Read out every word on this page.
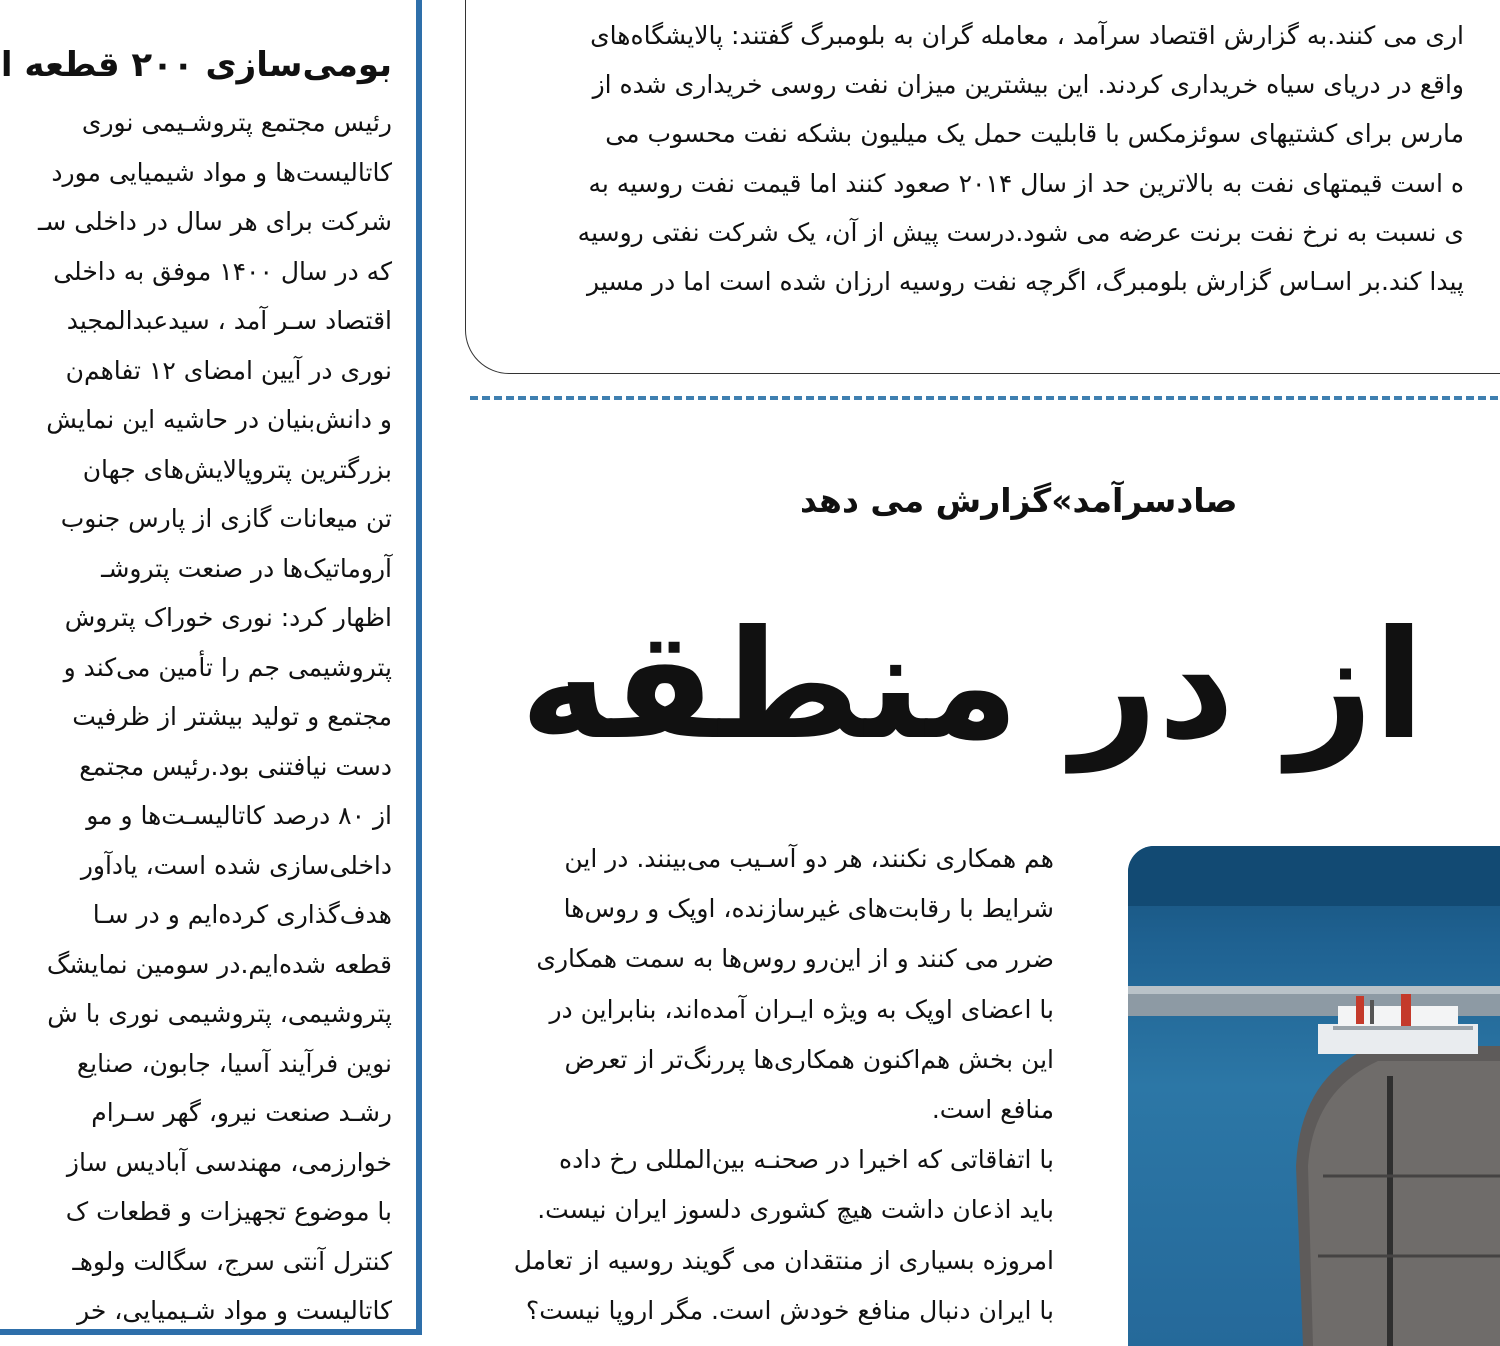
بومی‌سازی ۲۰۰ قطعه ا
رئیس مجتمع پتروشـیمی نوری
کاتالیست‌ها و مواد شیمیایی مورد
شرکت برای هر سال در داخلی سـ
که در سال ۱۴۰۰ موفق به داخلی
اقتصاد سـر آمد ، سیدعبدالمجید
نوری در آیین امضای ۱۲ تفاهم‌ن
و دانش‌بنیان در حاشیه این نمایش
بزرگترین پتروپالایش‌های جهان
تن میعانات گازی از پارس جنوب
آروماتیک‌ها در صنعت پتروشـ
اظهار کرد: نوری خوراک پتروش
پتروشیمی جم را تأمین می‌کند و
مجتمع و تولید بیشتر از ظرفیت
دست نیافتنی بود.رئیس مجتمع
از ۸۰ درصد کاتالیسـت‌ها و مو
داخلی‌سازی شده است، یادآور
هدف‌گذاری کرده‌ایم و در سـا
قطعه شده‌ایم.در سومین نمایشگ
پتروشیمی، پتروشیمی نوری با ش
نوین فرآیند آسیا، جابون، صنایع
رشـد صنعت نیرو، گهر سـرام
خوارزمی، مهندسی آبادیس ساز
با موضوع تجهیزات و قطعات ک
کنترل آنتی سرج، سگالت ولوهـ
کاتالیست و مواد شـیمیایی، خر
اری می کنند.به گزارش اقتصاد سرآمد ، معامله گران به بلومبرگ گفتند: پالایشگاه‌های
واقع در دریای سیاه خریداری کردند. این بیشترین میزان نفت روسی خریداری شده از
مارس برای کشتیهای سوئزمکس با قابلیت حمل یک میلیون بشکه نفت محسوب می
ه است قیمتهای نفت به بالاترین حد از سال ۲۰۱۴ صعود کنند اما قیمت نفت روسیه به
ی نسبت به نرخ نفت برنت عرضه می شود.درست پیش از آن، یک شرکت نفتی روسیه
پیدا کند.بر اسـاس گزارش بلومبرگ، اگرچه نفت روسیه ارزان شده است اما در مسیر
صادسرآمد»گزارش می دهد
از در منطقه
هم همکاری نکنند، هر دو آسـیب می‌بینند. در این
شرایط با رقابت‌های غیرسازنده، اوپک و روس‌ها
ضرر می کنند و از این‌رو روس‌ها به سمت همکاری
با اعضای اوپک به ویژه ایـران آمده‌اند، بنابراین در
این بخش هم‌اکنون همکاری‌ها پررنگ‌تر از تعرض
منافع است.
با اتفاقاتی که اخیرا در صحنـه بین‌المللی رخ داده
باید اذعان داشت هیچ کشوری دلسوز ایران نیست.
امروزه بسیاری از منتقدان می گویند روسیه از تعامل
با ایران دنبال منافع خودش است. مگر اروپا نیست؟
